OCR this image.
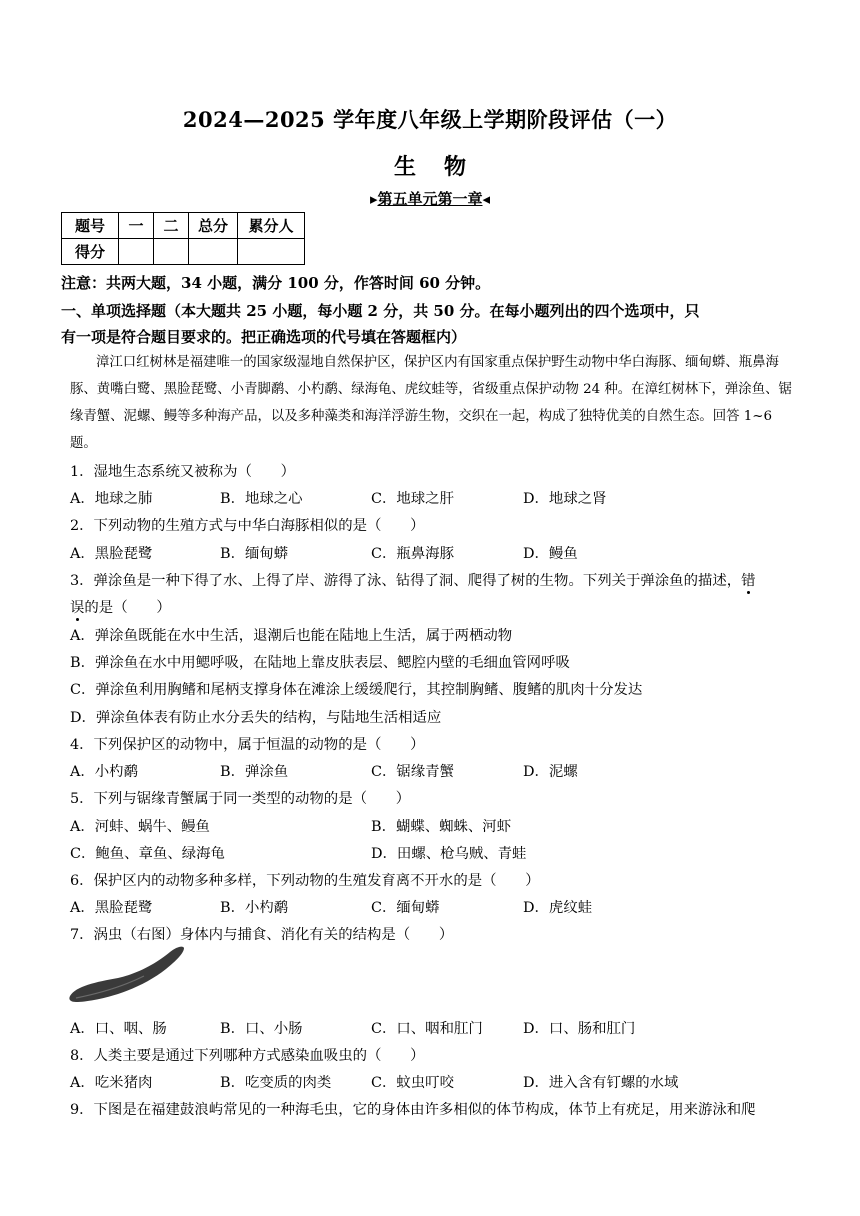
2024—2025 学年度八年级上学期阶段评估（一）
生物
▸第五单元第一章◂
题号	一	二	总分	累分人
得分				
注意：共两大题，34 小题，满分 100 分，作答时间 60 分钟。
一、单项选择题（本大题共 25 小题，每小题 2 分，共 50 分。在每小题列出的四个选项中，只
有一项是符合题目要求的。把正确选项的代号填在答题框内）
漳江口红树林是福建唯一的国家级湿地自然保护区，保护区内有国家重点保护野生动物中华白海豚、缅甸蟒、瓶鼻海豚、黄嘴白鹭、黑脸琵鹭、小青脚鹬、小杓鹬、绿海龟、虎纹蛙等，省级重点保护动物 24 种。在漳红树林下，弹涂鱼、锯缘青蟹、泥螺、鳗等多种海产品，以及多种藻类和海洋浮游生物，交织在一起，构成了独特优美的自然生态。回答 1~6 题。
1．湿地生态系统又被称为（　　）
A．地球之肺	B．地球之心	C．地球之肝	D．地球之肾
2．下列动物的生殖方式与中华白海豚相似的是（　　）
A．黑脸琵鹭	B．缅甸蟒	C．瓶鼻海豚	D．鳗鱼
3．弹涂鱼是一种下得了水、上得了岸、游得了泳、钻得了洞、爬得了树的生物。下列关于弹涂鱼的描述，错
误的是（　　）
A．弹涂鱼既能在水中生活，退潮后也能在陆地上生活，属于两栖动物
B．弹涂鱼在水中用鳃呼吸，在陆地上靠皮肤表层、鳃腔内壁的毛细血管网呼吸
C．弹涂鱼利用胸鳍和尾柄支撑身体在滩涂上缓缓爬行，其控制胸鳍、腹鳍的肌肉十分发达
D．弹涂鱼体表有防止水分丢失的结构，与陆地生活相适应
4．下列保护区的动物中，属于恒温的动物的是（　　）
A．小杓鹬	B．弹涂鱼	C．锯缘青蟹	D．泥螺
5．下列与锯缘青蟹属于同一类型的动物的是（　　）
A．河蚌、蜗牛、鳗鱼	B．蝴蝶、蜘蛛、河虾
C．鲍鱼、章鱼、绿海龟	D．田螺、枪乌贼、青蛙
6．保护区内的动物多种多样，下列动物的生殖发育离不开水的是（　　）
A．黑脸琵鹭	B．小杓鹬	C．缅甸蟒	D．虎纹蛙
7．涡虫（右图）身体内与捕食、消化有关的结构是（　　）
A．口、咽、肠	B．口、小肠	C．口、咽和肛门	D．口、肠和肛门
8．人类主要是通过下列哪种方式感染血吸虫的（　　）
A．吃米猪肉	B．吃变质的肉类	C．蚊虫叮咬	D．进入含有钉螺的水域
9．下图是在福建鼓浪屿常见的一种海毛虫，它的身体由许多相似的体节构成，体节上有疣足，用来游泳和爬
